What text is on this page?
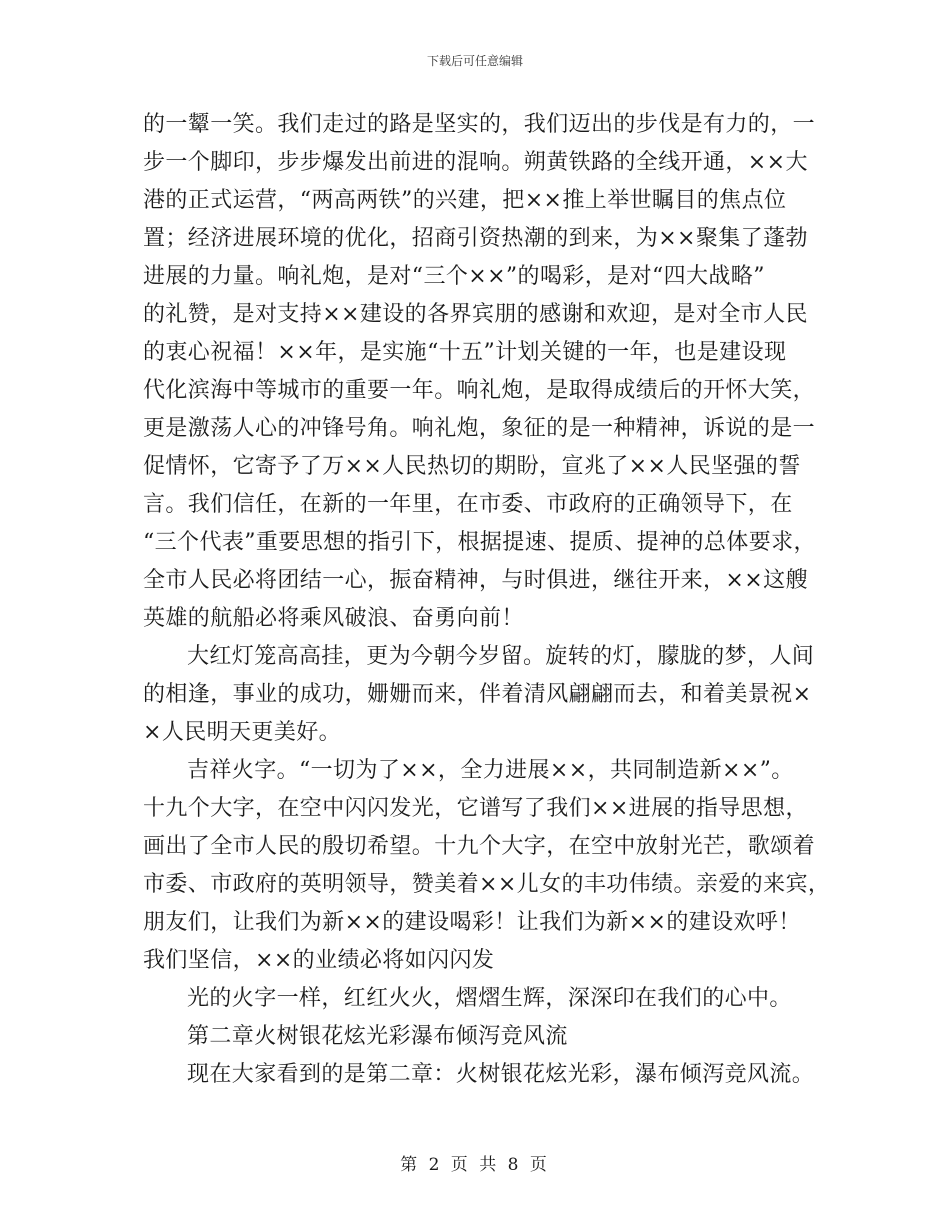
下载后可任意编辑
的一颦一笑。我们走过的路是坚实的，我们迈出的步伐是有力的，一
步一个脚印，步步爆发出前进的混响。朔黄铁路的全线开通，××大
港的正式运营，“两高两铁”的兴建，把××推上举世瞩目的焦点位
置；经济进展环境的优化，招商引资热潮的到来，为××聚集了蓬勃
进展的力量。响礼炮，是对“三个××”的喝彩，是对“四大战略”
的礼赞，是对支持××建设的各界宾朋的感谢和欢迎，是对全市人民
的衷心祝福！××年，是实施“十五”计划关键的一年，也是建设现
代化滨海中等城市的重要一年。响礼炮，是取得成绩后的开怀大笑，
更是激荡人心的冲锋号角。响礼炮，象征的是一种精神，诉说的是一
促情怀，它寄予了万××人民热切的期盼，宣兆了××人民坚强的誓
言。我们信任，在新的一年里，在市委、市政府的正确领导下，在
“三个代表”重要思想的指引下，根据提速、提质、提神的总体要求，
全市人民必将团结一心，振奋精神，与时俱进，继往开来，××这艘
英雄的航船必将乘风破浪、奋勇向前！
大红灯笼高高挂，更为今朝今岁留。旋转的灯，朦胧的梦，人间
的相逢，事业的成功，姗姗而来，伴着清风翩翩而去，和着美景祝×
×人民明天更美好。
吉祥火字。“一切为了××，全力进展××，共同制造新××”。
十九个大字，在空中闪闪发光，它谱写了我们××进展的指导思想，
画出了全市人民的殷切希望。十九个大字，在空中放射光芒，歌颂着
市委、市政府的英明领导，赞美着××儿女的丰功伟绩。亲爱的来宾，
朋友们，让我们为新××的建设喝彩！让我们为新××的建设欢呼！
我们坚信，××的业绩必将如闪闪发
光的火字一样，红红火火，熠熠生辉，深深印在我们的心中。
第二章火树银花炫光彩瀑布倾泻竞风流
现在大家看到的是第二章：火树银花炫光彩，瀑布倾泻竞风流。
第 2 页 共 8 页
